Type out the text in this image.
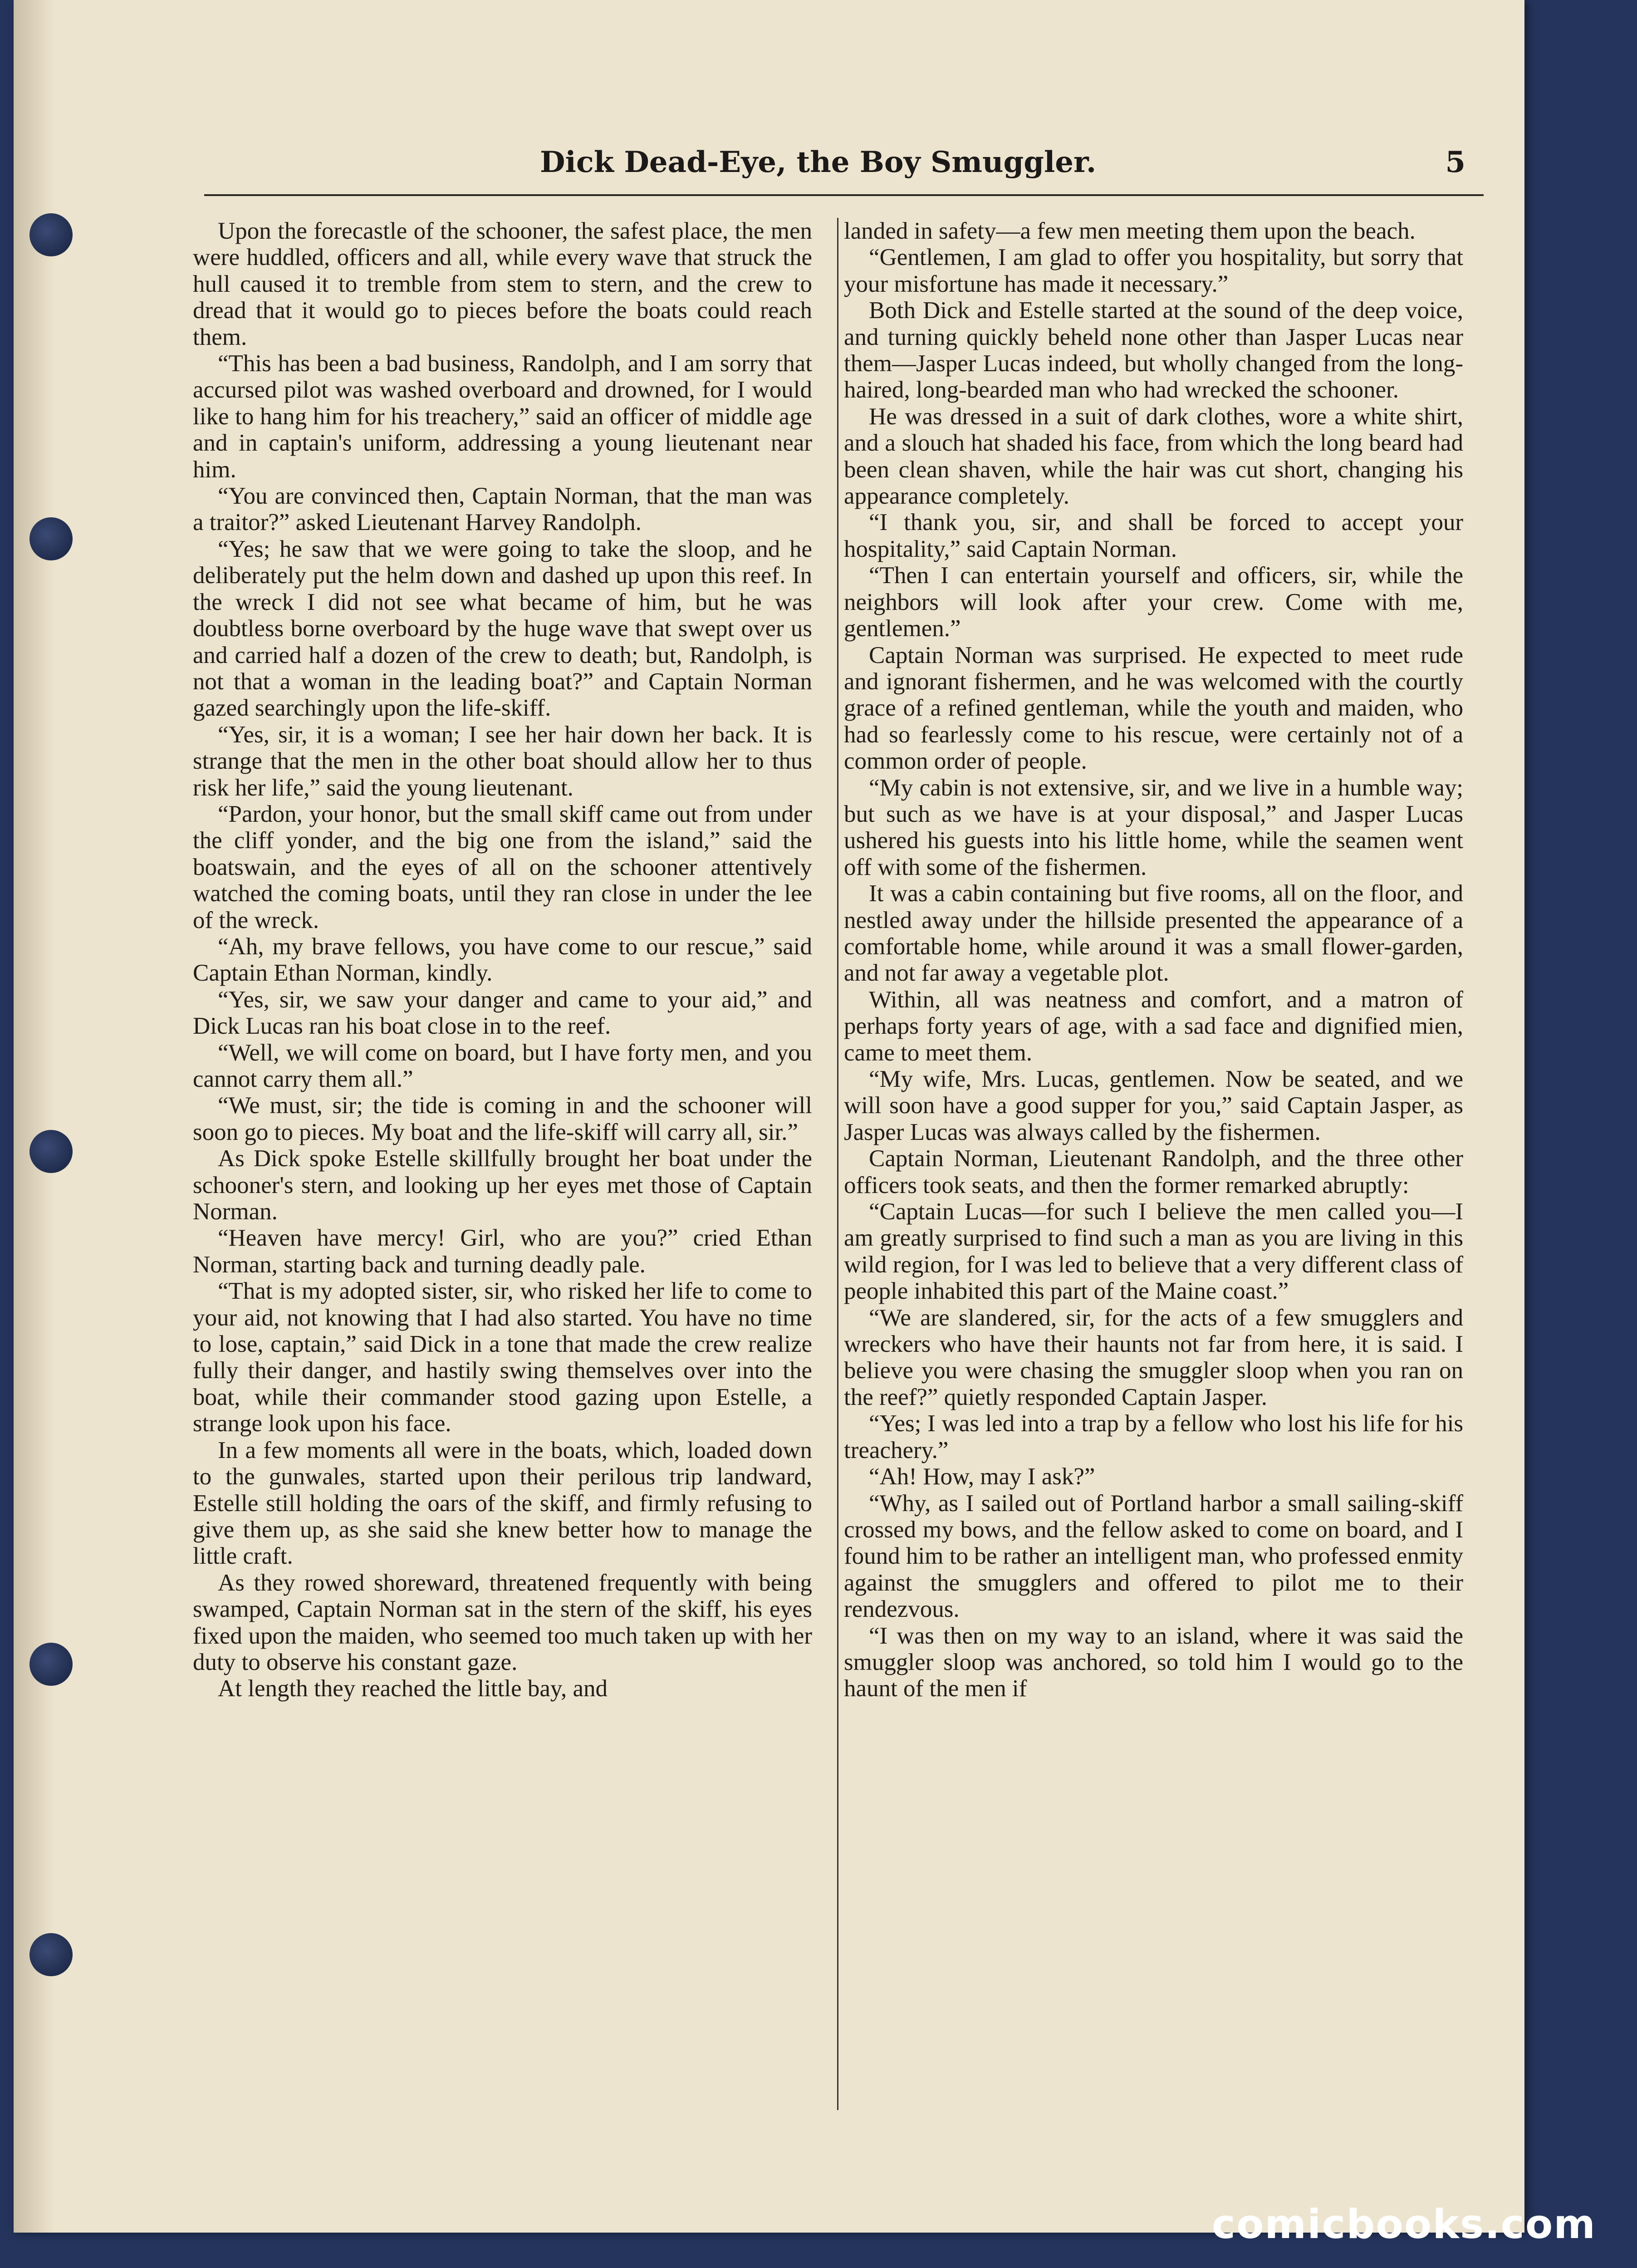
Dick Dead-Eye, the Boy Smuggler.	5

Upon the forecastle of the schooner, the safest place, the men were huddled, officers and all, while every wave that struck the hull caused it to tremble from stem to stern, and the crew to dread that it would go to pieces before the boats could reach them.

“This has been a bad business, Randolph, and I am sorry that accursed pilot was washed overboard and drowned, for I would like to hang him for his treachery,” said an officer of middle age and in captain's uniform, addressing a young lieutenant near him.

“You are convinced then, Captain Norman, that the man was a traitor?” asked Lieutenant Harvey Randolph.

“Yes; he saw that we were going to take the sloop, and he deliberately put the helm down and dashed up upon this reef. In the wreck I did not see what became of him, but he was doubtless borne overboard by the huge wave that swept over us and carried half a dozen of the crew to death; but, Randolph, is not that a woman in the leading boat?” and Captain Norman gazed searchingly upon the life-skiff.

“Yes, sir, it is a woman; I see her hair down her back. It is strange that the men in the other boat should allow her to thus risk her life,” said the young lieutenant.

“Pardon, your honor, but the small skiff came out from under the cliff yonder, and the big one from the island,” said the boatswain, and the eyes of all on the schooner attentively watched the coming boats, until they ran close in under the lee of the wreck.

“Ah, my brave fellows, you have come to our rescue,” said Captain Ethan Norman, kindly.

“Yes, sir, we saw your danger and came to your aid,” and Dick Lucas ran his boat close in to the reef.

“Well, we will come on board, but I have forty men, and you cannot carry them all.”

“We must, sir; the tide is coming in and the schooner will soon go to pieces. My boat and the life-skiff will carry all, sir.”

As Dick spoke Estelle skillfully brought her boat under the schooner's stern, and looking up her eyes met those of Captain Norman.

“Heaven have mercy! Girl, who are you?” cried Ethan Norman, starting back and turning deadly pale.

“That is my adopted sister, sir, who risked her life to come to your aid, not knowing that I had also started. You have no time to lose, captain,” said Dick in a tone that made the crew realize fully their danger, and hastily swing themselves over into the boat, while their commander stood gazing upon Estelle, a strange look upon his face.

In a few moments all were in the boats, which, loaded down to the gunwales, started upon their perilous trip landward, Estelle still holding the oars of the skiff, and firmly refusing to give them up, as she said she knew better how to manage the little craft.

As they rowed shoreward, threatened frequently with being swamped, Captain Norman sat in the stern of the skiff, his eyes fixed upon the maiden, who seemed too much taken up with her duty to observe his constant gaze.

At length they reached the little bay, and

landed in safety—a few men meeting them upon the beach.

“Gentlemen, I am glad to offer you hospitality, but sorry that your misfortune has made it necessary.”

Both Dick and Estelle started at the sound of the deep voice, and turning quickly beheld none other than Jasper Lucas near them—Jasper Lucas indeed, but wholly changed from the long-haired, long-bearded man who had wrecked the schooner.

He was dressed in a suit of dark clothes, wore a white shirt, and a slouch hat shaded his face, from which the long beard had been clean shaven, while the hair was cut short, changing his appearance completely.

“I thank you, sir, and shall be forced to accept your hospitality,” said Captain Norman.

“Then I can entertain yourself and officers, sir, while the neighbors will look after your crew. Come with me, gentlemen.”

Captain Norman was surprised. He expected to meet rude and ignorant fishermen, and he was welcomed with the courtly grace of a refined gentleman, while the youth and maiden, who had so fearlessly come to his rescue, were certainly not of a common order of people.

“My cabin is not extensive, sir, and we live in a humble way; but such as we have is at your disposal,” and Jasper Lucas ushered his guests into his little home, while the seamen went off with some of the fishermen.

It was a cabin containing but five rooms, all on the floor, and nestled away under the hillside presented the appearance of a comfortable home, while around it was a small flower-garden, and not far away a vegetable plot.

Within, all was neatness and comfort, and a matron of perhaps forty years of age, with a sad face and dignified mien, came to meet them.

“My wife, Mrs. Lucas, gentlemen. Now be seated, and we will soon have a good supper for you,” said Captain Jasper, as Jasper Lucas was always called by the fishermen.

Captain Norman, Lieutenant Randolph, and the three other officers took seats, and then the former remarked abruptly:

“Captain Lucas—for such I believe the men called you—I am greatly surprised to find such a man as you are living in this wild region, for I was led to believe that a very different class of people inhabited this part of the Maine coast.”

“We are slandered, sir, for the acts of a few smugglers and wreckers who have their haunts not far from here, it is said. I believe you were chasing the smuggler sloop when you ran on the reef?” quietly responded Captain Jasper.

“Yes; I was led into a trap by a fellow who lost his life for his treachery.”

“Ah! How, may I ask?”

“Why, as I sailed out of Portland harbor a small sailing-skiff crossed my bows, and the fellow asked to come on board, and I found him to be rather an intelligent man, who professed enmity against the smugglers and offered to pilot me to their rendezvous.

“I was then on my way to an island, where it was said the smuggler sloop was anchored, so told him I would go to the haunt of the men if

comicbooks.com
